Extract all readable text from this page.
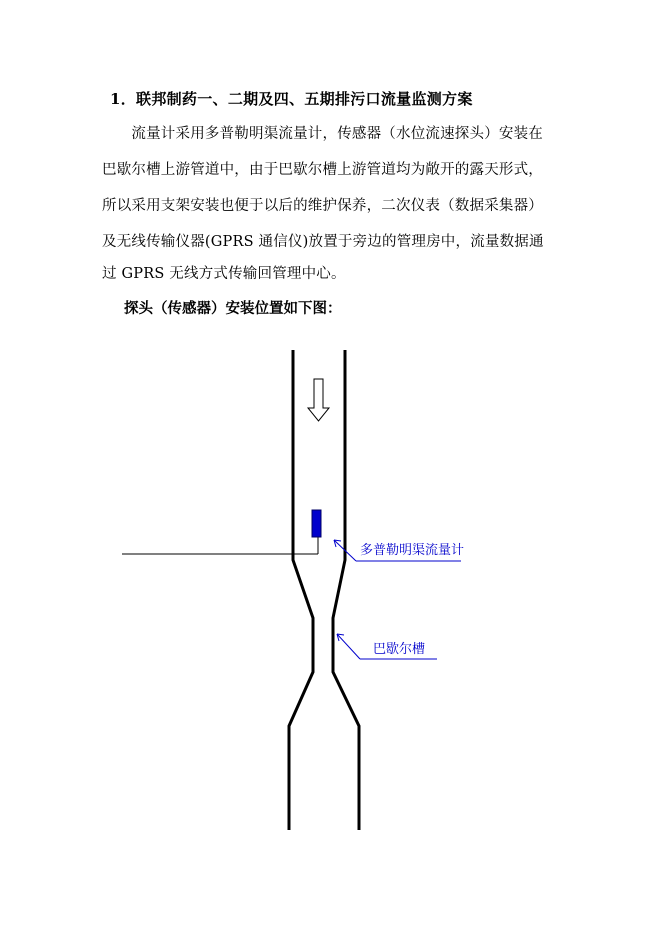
1．联邦制药一、二期及四、五期排污口流量监测方案
　　流量计采用多普勒明渠流量计，传感器（水位流速探头）安装在
巴歇尔槽上游管道中，由于巴歇尔槽上游管道均为敞开的露天形式，
所以采用支架安装也便于以后的维护保养，二次仪表（数据采集器）
及无线传输仪器(GPRS 通信仪)放置于旁边的管理房中，流量数据通
过 GPRS 无线方式传输回管理中心。
探头（传感器）安装位置如下图：
多普勒明渠流量计
巴歇尔槽
